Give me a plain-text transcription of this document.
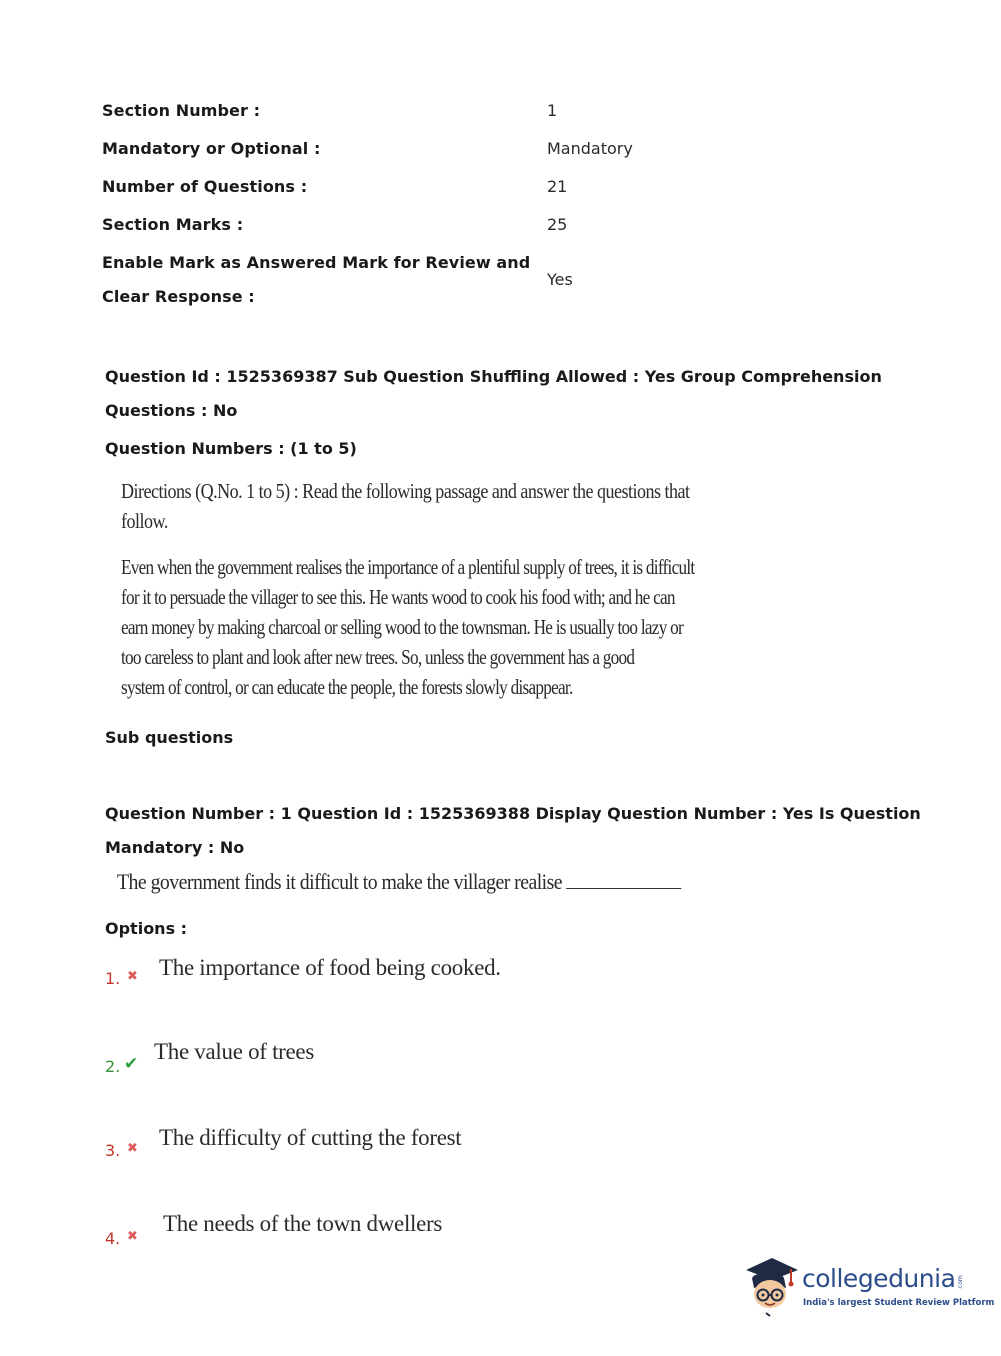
Section Number :	1
Mandatory or Optional :	Mandatory
Number of Questions :	21
Section Marks :	25
Enable Mark as Answered Mark for Review and
Clear Response :
Yes
Question Id : 1525369387 Sub Question Shuffling Allowed : Yes Group Comprehension
Questions : No
Question Numbers : (1 to 5)
Directions (Q.No. 1 to 5) : Read the following passage and answer the questions that
follow.
Even when the government realises the importance of a plentiful supply of trees, it is difficult
for it to persuade the villager to see this. He wants wood to cook his food with; and he can
earn money by making charcoal or selling wood to the townsman. He is usually too lazy or
too careless to plant and look after new trees. So, unless the government has a good
system of control, or can educate the people, the forests slowly disappear.
Sub questions
Question Number : 1 Question Id : 1525369388 Display Question Number : Yes Is Question
Mandatory : No
The government finds it difficult to make the villager realise
Options :
1. ✖ The importance of food being cooked.
2. ✔ The value of trees
3. ✖ The difficulty of cutting the forest
4. ✖
The needs of the town dwellers
collegedunia .com
India's largest Student Review Platform
